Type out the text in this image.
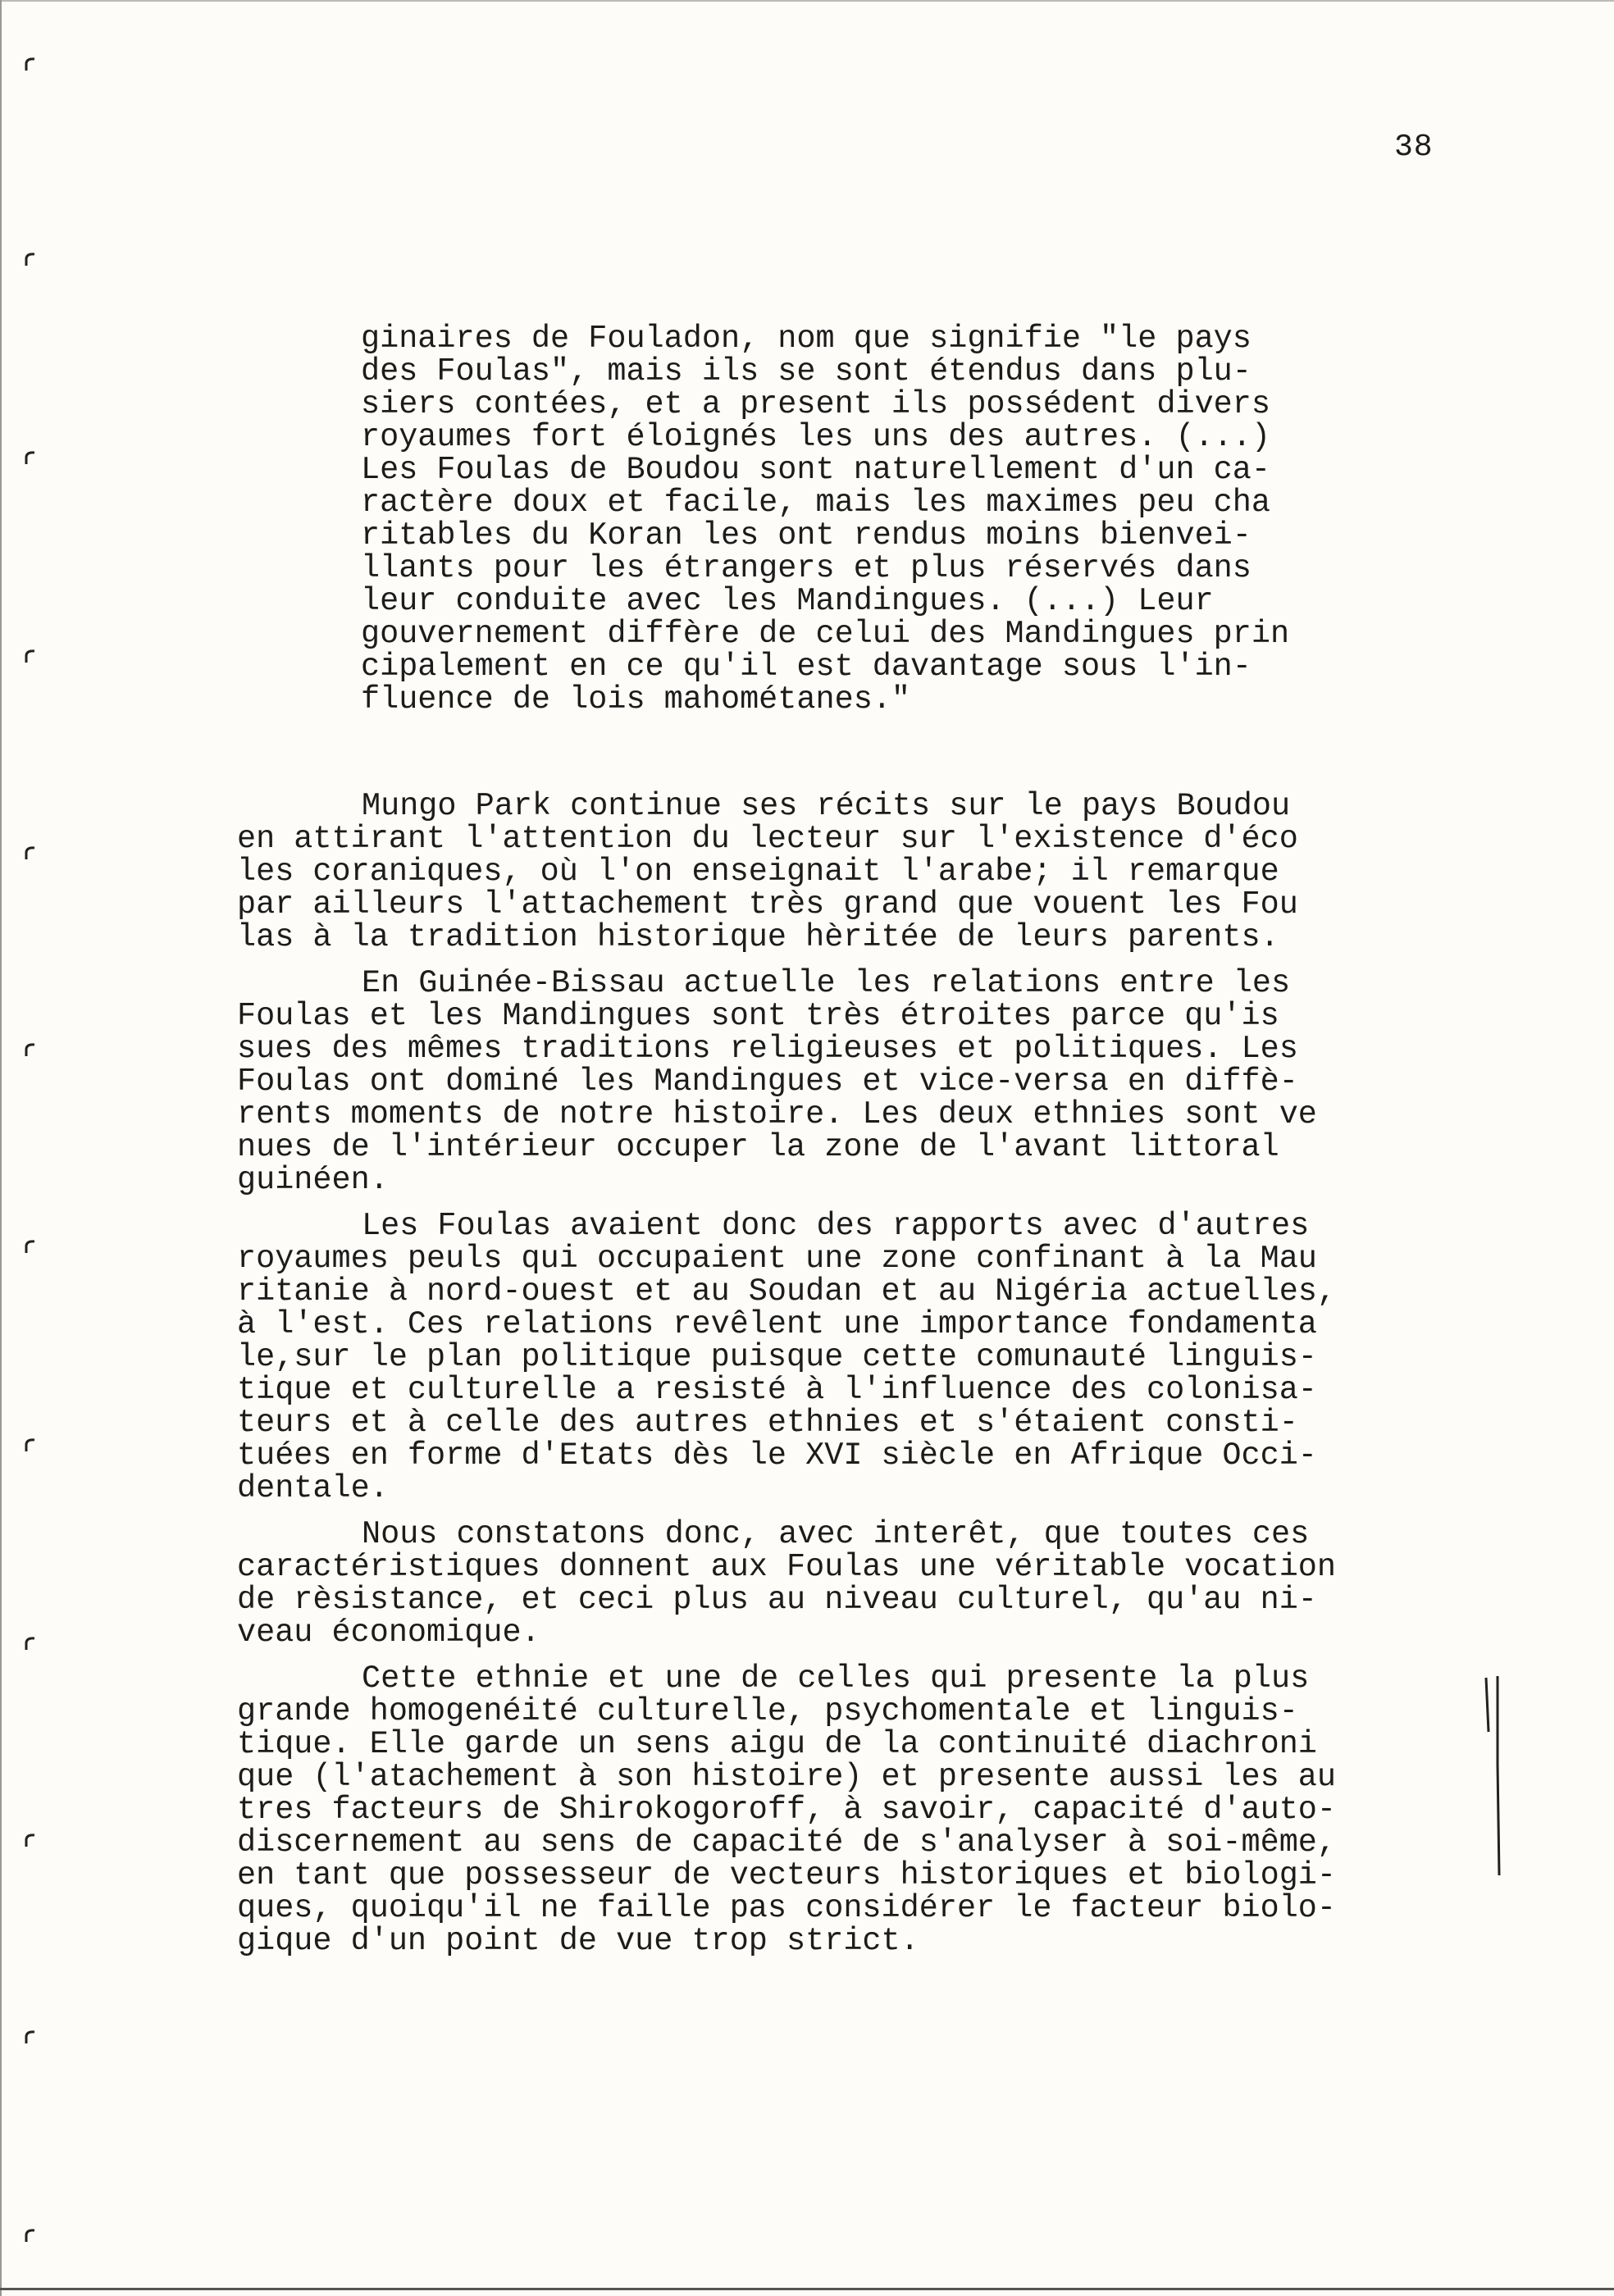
38
ginaires de Fouladon, nom que signifie "le pays
des Foulas", mais ils se sont étendus dans plu-
siers contées, et a present ils possédent divers
royaumes fort éloignés les uns des autres. (...)
Les Foulas de Boudou sont naturellement d'un ca-
ractère doux et facile, mais les maximes peu cha
ritables du Koran les ont rendus moins bienvei-
llants pour les étrangers et plus réservés dans
leur conduite avec les Mandingues. (...) Leur
gouvernement diffère de celui des Mandingues prin
cipalement en ce qu'il est davantage sous l'in-
fluence de lois mahométanes."
Mungo Park continue ses récits sur le pays Boudou
en attirant l'attention du lecteur sur l'existence d'éco
les coraniques, où l'on enseignait l'arabe; il remarque
par ailleurs l'attachement très grand que vouent les Fou
las à la tradition historique hèritée de leurs parents.
En Guinée-Bissau actuelle les relations entre les
Foulas et les Mandingues sont très étroites parce qu'is
sues des mêmes traditions religieuses et politiques. Les
Foulas ont dominé les Mandingues et vice-versa en diffè-
rents moments de notre histoire. Les deux ethnies sont ve
nues de l'intérieur occuper la zone de l'avant littoral
guinéen.
Les Foulas avaient donc des rapports avec d'autres
royaumes peuls qui occupaient une zone confinant à la Mau
ritanie à nord-ouest et au Soudan et au Nigéria actuelles,
à l'est. Ces relations revêlent une importance fondamenta
le,sur le plan politique puisque cette comunauté linguis-
tique et culturelle a resisté à l'influence des colonisa-
teurs et à celle des autres ethnies et s'étaient consti-
tuées en forme d'Etats dès le XVI siècle en Afrique Occi-
dentale.
Nous constatons donc, avec interêt, que toutes ces
caractéristiques donnent aux Foulas une véritable vocation
de rèsistance, et ceci plus au niveau culturel, qu'au ni-
veau économique.
Cette ethnie et une de celles qui presente la plus
grande homogenéité culturelle, psychomentale et linguis-
tique. Elle garde un sens aigu de la continuité diachroni
que (l'atachement à son histoire) et presente aussi les au
tres facteurs de Shirokogoroff, à savoir, capacité d'auto-
discernement au sens de capacité de s'analyser à soi-même,
en tant que possesseur de vecteurs historiques et biologi-
ques, quoiqu'il ne faille pas considérer le facteur biolo-
gique d'un point de vue trop strict.
